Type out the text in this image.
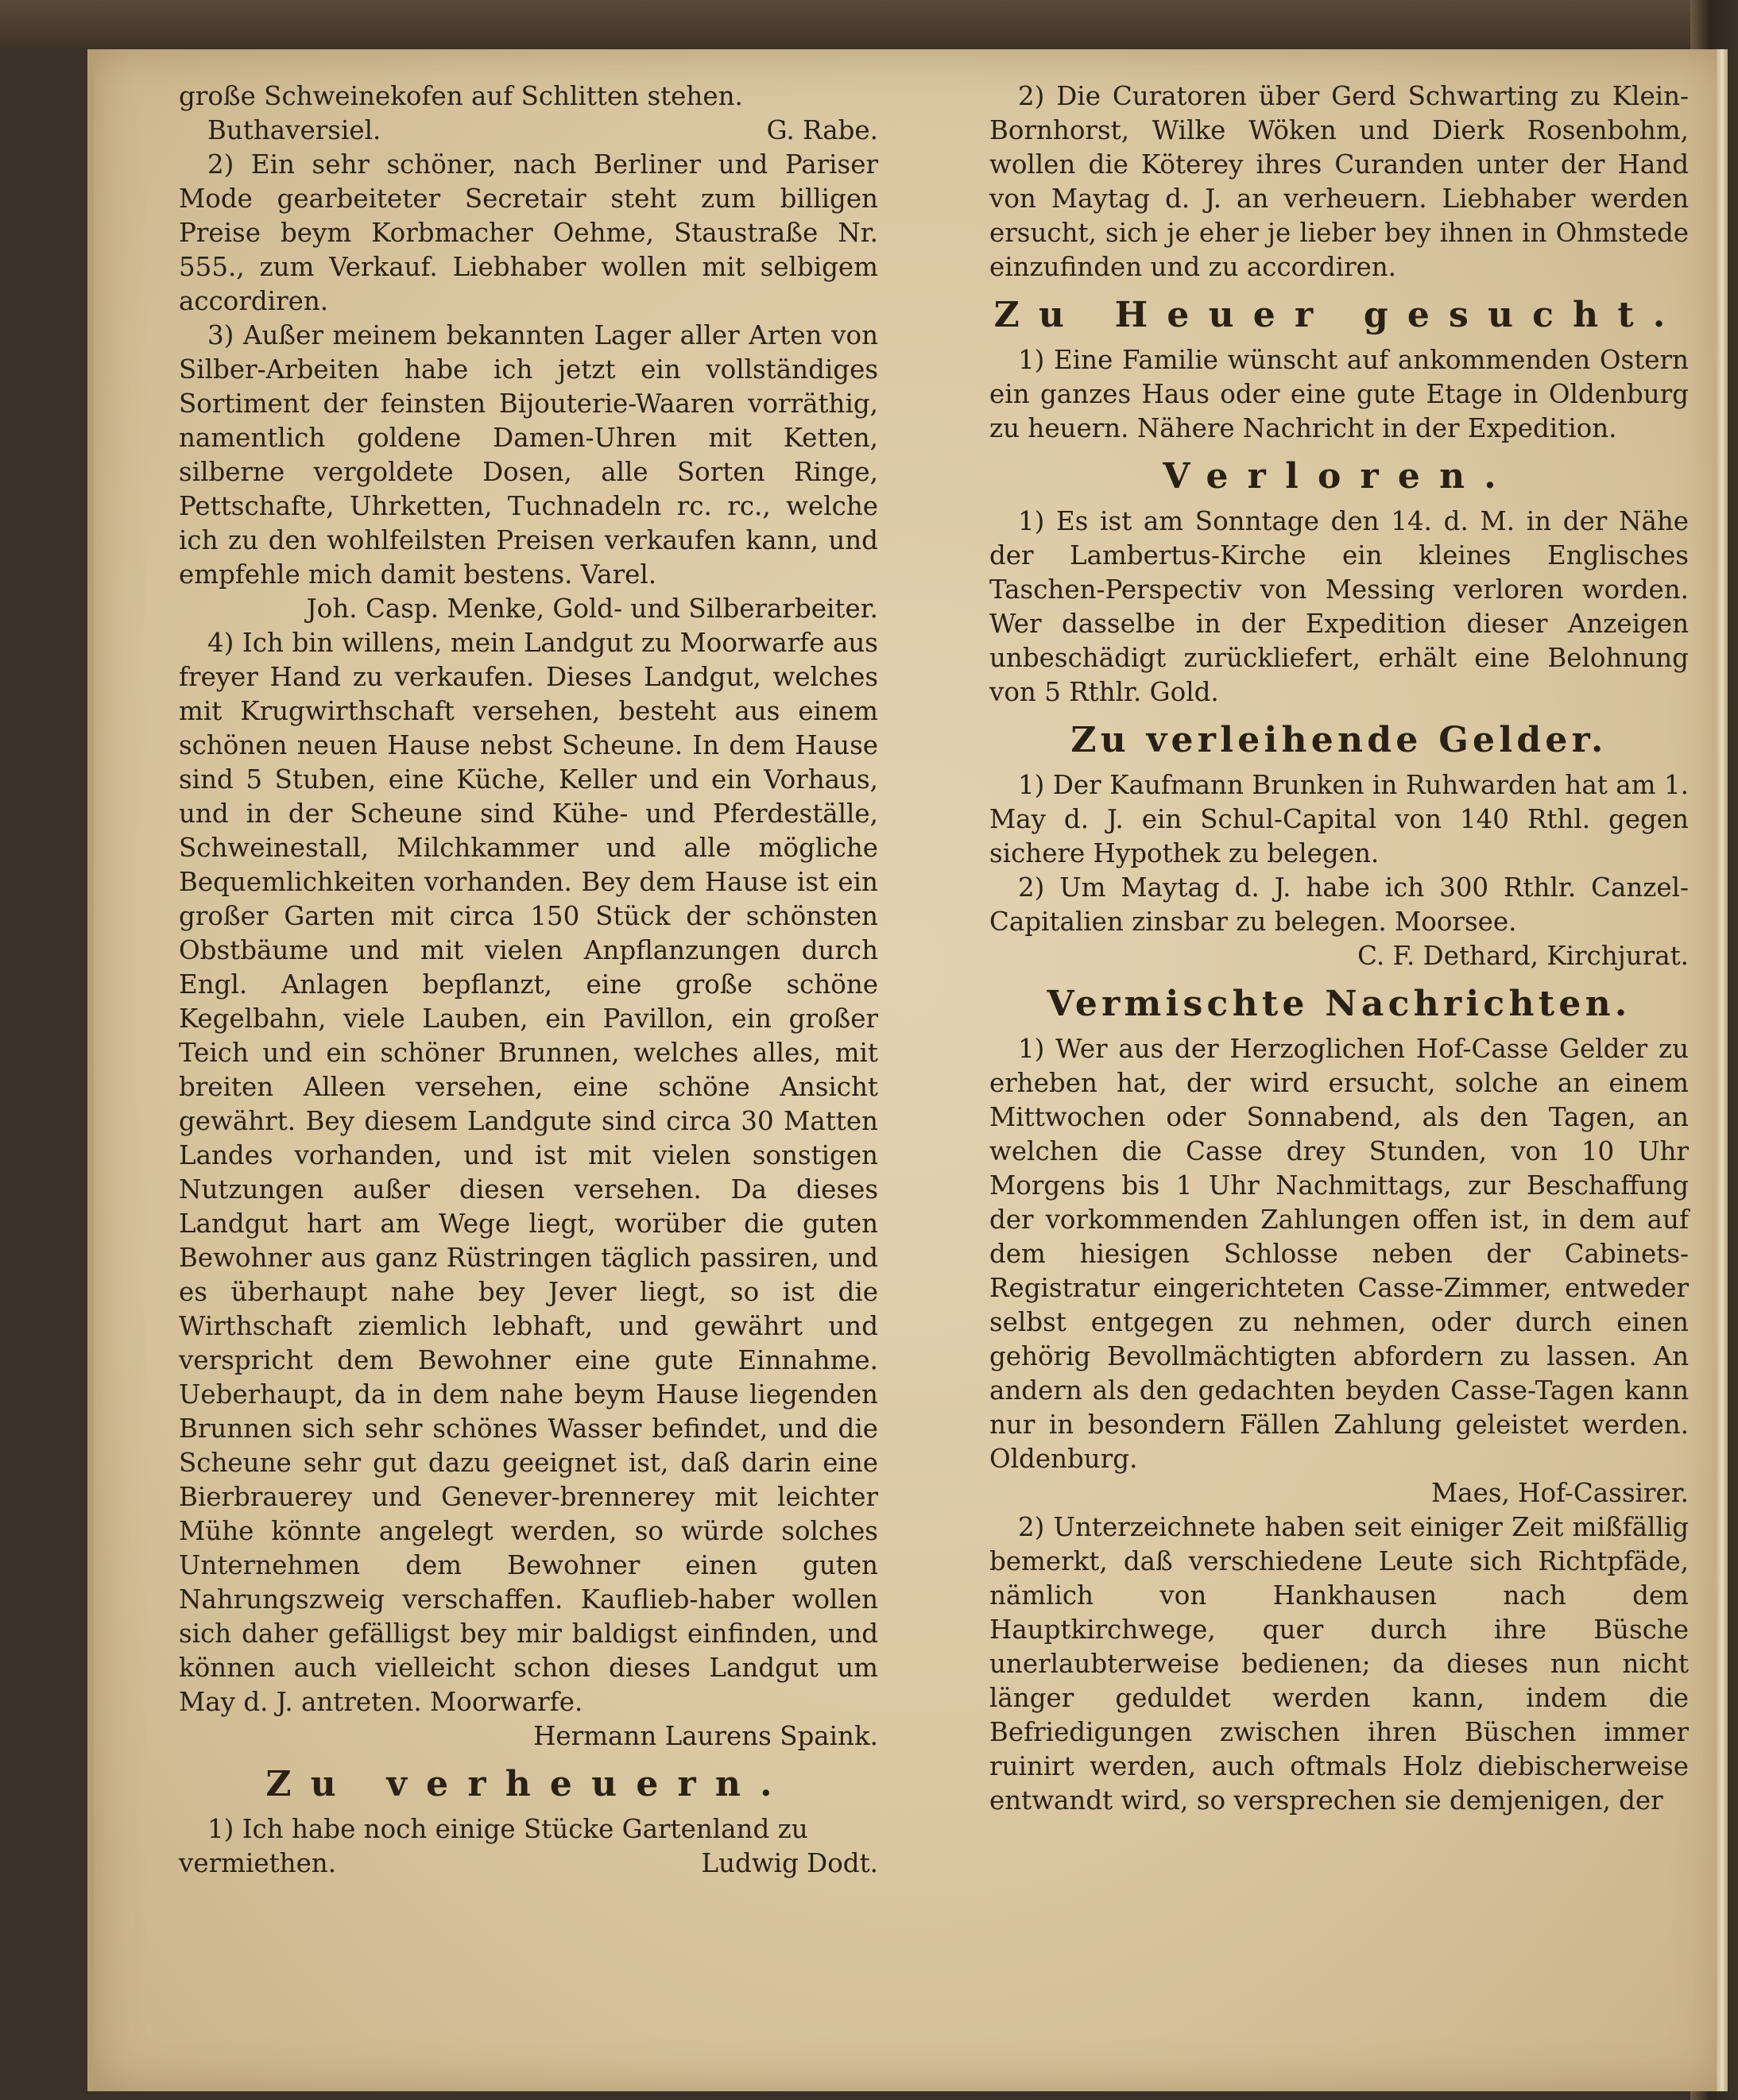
große Schweinekofen auf Schlitten stehen.

Buthaversiel.	G. Rabe.

2) Ein sehr schöner, nach Berliner und Pariser Mode gearbeiteter Secretair steht zum billigen Preise beym Korbmacher Oehme, Staustraße Nr. 555., zum Verkauf. Liebhaber wollen mit selbigem accordiren.

3) Außer meinem bekannten Lager aller Arten von Silber-Arbeiten habe ich jetzt ein vollständiges Sortiment der feinsten Bijouterie-Waaren vorräthig, namentlich goldene Damen-Uhren mit Ketten, silberne vergoldete Dosen, alle Sorten Ringe, Pettschafte, Uhrketten, Tuchnadeln rc. rc., welche ich zu den wohlfeilsten Preisen verkaufen kann, und empfehle mich damit bestens. Varel.

Joh. Casp. Menke, Gold- und Silberarbeiter.

4) Ich bin willens, mein Landgut zu Moorwarfe aus freyer Hand zu verkaufen. Dieses Landgut, welches mit Krugwirthschaft versehen, besteht aus einem schönen neuen Hause nebst Scheune. In dem Hause sind 5 Stuben, eine Küche, Keller und ein Vorhaus, und in der Scheune sind Kühe- und Pferdeställe, Schweinestall, Milchkammer und alle mögliche Bequemlichkeiten vorhanden. Bey dem Hause ist ein großer Garten mit circa 150 Stück der schönsten Obstbäume und mit vielen Anpflanzungen durch Engl. Anlagen bepflanzt, eine große schöne Kegelbahn, viele Lauben, ein Pavillon, ein großer Teich und ein schöner Brunnen, welches alles, mit breiten Alleen versehen, eine schöne Ansicht gewährt. Bey diesem Landgute sind circa 30 Matten Landes vorhanden, und ist mit vielen sonstigen Nutzungen außer diesen versehen. Da dieses Landgut hart am Wege liegt, worüber die guten Bewohner aus ganz Rüstringen täglich passiren, und es überhaupt nahe bey Jever liegt, so ist die Wirthschaft ziemlich lebhaft, und gewährt und verspricht dem Bewohner eine gute Einnahme. Ueberhaupt, da in dem nahe beym Hause liegenden Brunnen sich sehr schönes Wasser befindet, und die Scheune sehr gut dazu geeignet ist, daß darin eine Bierbrauerey und Genever-brennerey mit leichter Mühe könnte angelegt werden, so würde solches Unternehmen dem Bewohner einen guten Nahrungszweig verschaffen. Kauflieb-haber wollen sich daher gefälligst bey mir baldigst einfinden, und können auch vielleicht schon dieses Landgut um May d. J. antreten. Moorwarfe.

Hermann Laurens Spaink.

Zu verheuern.

1) Ich habe noch einige Stücke Gartenland zu

vermiethen.	Ludwig Dodt.

2) Die Curatoren über Gerd Schwarting zu Klein-Bornhorst, Wilke Wöken und Dierk Rosenbohm, wollen die Köterey ihres Curanden unter der Hand von Maytag d. J. an verheuern. Liebhaber werden ersucht, sich je eher je lieber bey ihnen in Ohmstede einzufinden und zu accordiren.

Zu Heuer gesucht.

1) Eine Familie wünscht auf ankommenden Ostern ein ganzes Haus oder eine gute Etage in Oldenburg zu heuern. Nähere Nachricht in der Expedition.

Verloren.

1) Es ist am Sonntage den 14. d. M. in der Nähe der Lambertus-Kirche ein kleines Englisches Taschen-Perspectiv von Messing verloren worden. Wer dasselbe in der Expedition dieser Anzeigen unbeschädigt zurückliefert, erhält eine Belohnung von 5 Rthlr. Gold.

Zu verleihende Gelder.

1) Der Kaufmann Brunken in Ruhwarden hat am 1. May d. J. ein Schul-Capital von 140 Rthl. gegen sichere Hypothek zu belegen.

2) Um Maytag d. J. habe ich 300 Rthlr. Canzel-Capitalien zinsbar zu belegen. Moorsee.

C. F. Dethard, Kirchjurat.

Vermischte Nachrichten.

1) Wer aus der Herzoglichen Hof-Casse Gelder zu erheben hat, der wird ersucht, solche an einem Mittwochen oder Sonnabend, als den Tagen, an welchen die Casse drey Stunden, von 10 Uhr Morgens bis 1 Uhr Nachmittags, zur Beschaffung der vorkommenden Zahlungen offen ist, in dem auf dem hiesigen Schlosse neben der Cabinets-Registratur eingerichteten Casse-Zimmer, entweder selbst entgegen zu nehmen, oder durch einen gehörig Bevollmächtigten abfordern zu lassen. An andern als den gedachten beyden Casse-Tagen kann nur in besondern Fällen Zahlung geleistet werden. Oldenburg.

Maes, Hof-Cassirer.

2) Unterzeichnete haben seit einiger Zeit mißfällig bemerkt, daß verschiedene Leute sich Richtpfäde, nämlich von Hankhausen nach dem Hauptkirchwege, quer durch ihre Büsche unerlaubterweise bedienen; da dieses nun nicht länger geduldet werden kann, indem die Befriedigungen zwischen ihren Büschen immer ruinirt werden, auch oftmals Holz diebischerweise entwandt wird, so versprechen sie demjenigen, der
